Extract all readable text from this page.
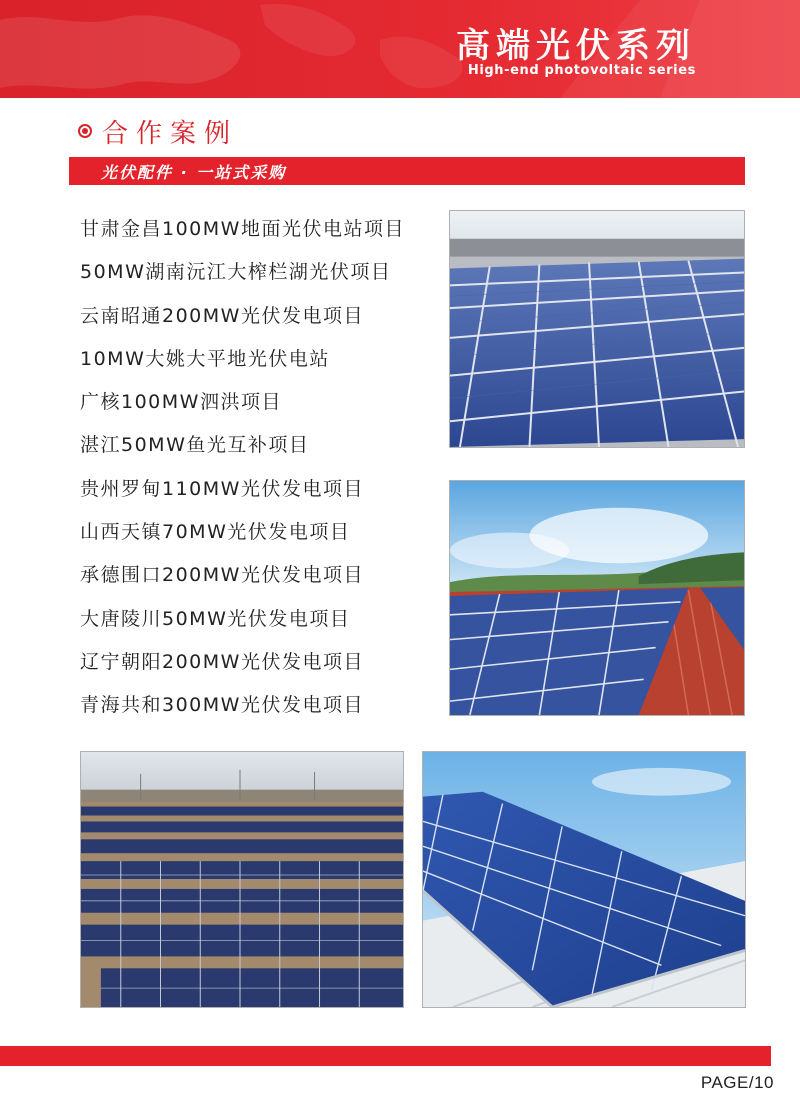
高端光伏系列
High-end photovoltaic series
合作案例
光伏配件 · 一站式采购
甘肃金昌100MW地面光伏电站项目
50MW湖南沅江大榨栏湖光伏项目
云南昭通200MW光伏发电项目
10MW大姚大平地光伏电站
广核100MW泗洪项目
湛江50MW鱼光互补项目
贵州罗甸110MW光伏发电项目
山西天镇70MW光伏发电项目
承德围口200MW光伏发电项目
大唐陵川50MW光伏发电项目
辽宁朝阳200MW光伏发电项目
青海共和300MW光伏发电项目
PAGE/10
